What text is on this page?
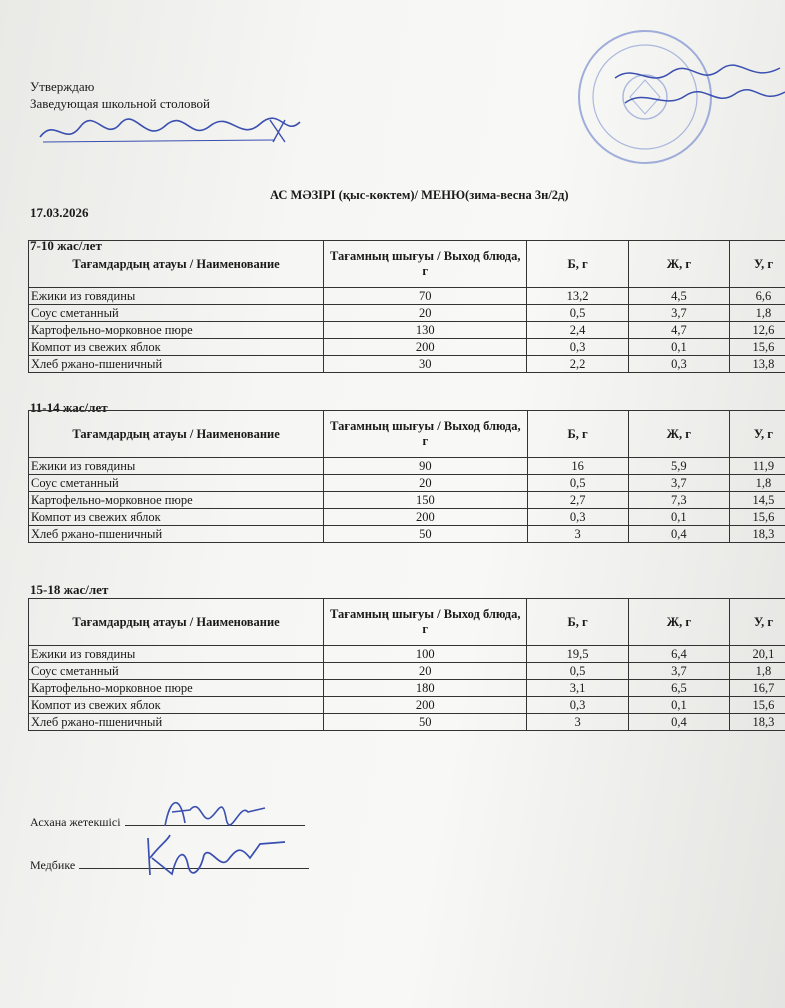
Утверждаю
Заведующая школьной столовой
АС МӘЗІРІ (қыс-көктем)/ МЕНЮ(зима-весна 3н/2д)
17.03.2026
7-10 жас/лет
Тағамдардың атауы / Наименование	Тағамның шығуы / Выход блюда, г	Б, г	Ж, г	У, г
Ежики из говядины	70	13,2	4,5	6,6
Соус сметанный	20	0,5	3,7	1,8
Картофельно-морковное пюре	130	2,4	4,7	12,6
Компот из свежих яблок	200	0,3	0,1	15,6
Хлеб ржано-пшеничный	30	2,2	0,3	13,8
11-14 жас/лет
Тағамдардың атауы / Наименование	Тағамның шығуы / Выход блюда, г	Б, г	Ж, г	У, г
Ежики из говядины	90	16	5,9	11,9
Соус сметанный	20	0,5	3,7	1,8
Картофельно-морковное пюре	150	2,7	7,3	14,5
Компот из свежих яблок	200	0,3	0,1	15,6
Хлеб ржано-пшеничный	50	3	0,4	18,3
15-18 жас/лет
Тағамдардың атауы / Наименование	Тағамның шығуы / Выход блюда, г	Б, г	Ж, г	У, г
Ежики из говядины	100	19,5	6,4	20,1
Соус сметанный	20	0,5	3,7	1,8
Картофельно-морковное пюре	180	3,1	6,5	16,7
Компот из свежих яблок	200	0,3	0,1	15,6
Хлеб ржано-пшеничный	50	3	0,4	18,3
Асхана жетекшісі
Медбике
